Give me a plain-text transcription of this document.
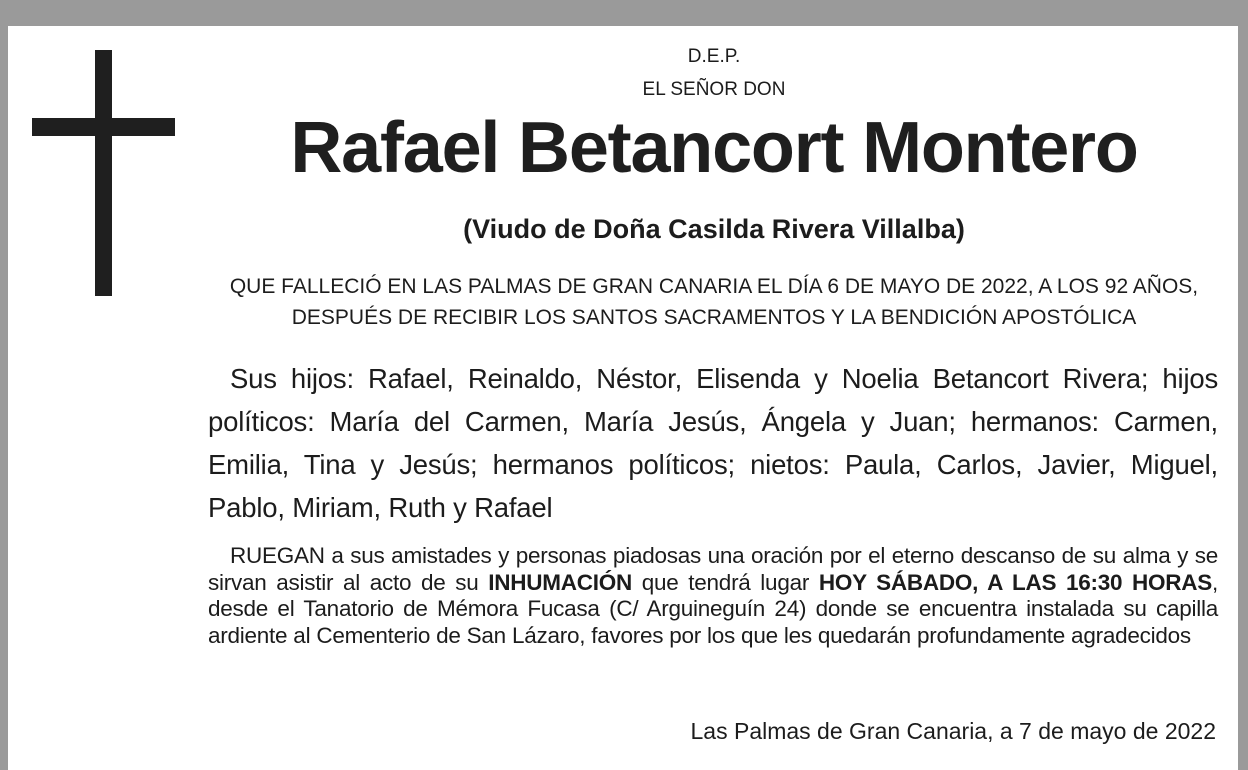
D.E.P.
EL SEÑOR DON
Rafael Betancort Montero
(Viudo de Doña Casilda Rivera Villalba)
QUE FALLECIÓ EN LAS PALMAS DE GRAN CANARIA EL DÍA 6 DE MAYO DE 2022, A LOS 92 AÑOS, DESPUÉS DE RECIBIR LOS SANTOS SACRAMENTOS Y LA BENDICIÓN APOSTÓLICA
Sus hijos: Rafael, Reinaldo, Néstor, Elisenda y Noelia Betancort Rivera; hijos políticos: María del Carmen, María Jesús, Ángela y Juan; hermanos: Carmen, Emilia, Tina y Jesús; hermanos políticos; nietos: Paula, Carlos, Javier, Miguel, Pablo, Miriam, Ruth y Rafael
RUEGAN a sus amistades y personas piadosas una oración por el eterno descanso de su alma y se sirvan asistir al acto de su INHUMACIÓN que tendrá lugar HOY SÁBADO, A LAS 16:30 HORAS, desde el Tanatorio de Mémora Fucasa (C/ Arguineguín 24) donde se encuentra instalada su capilla ardiente al Cementerio de San Lázaro, favores por los que les quedarán profundamente agradecidos
Las Palmas de Gran Canaria, a 7 de mayo de 2022
